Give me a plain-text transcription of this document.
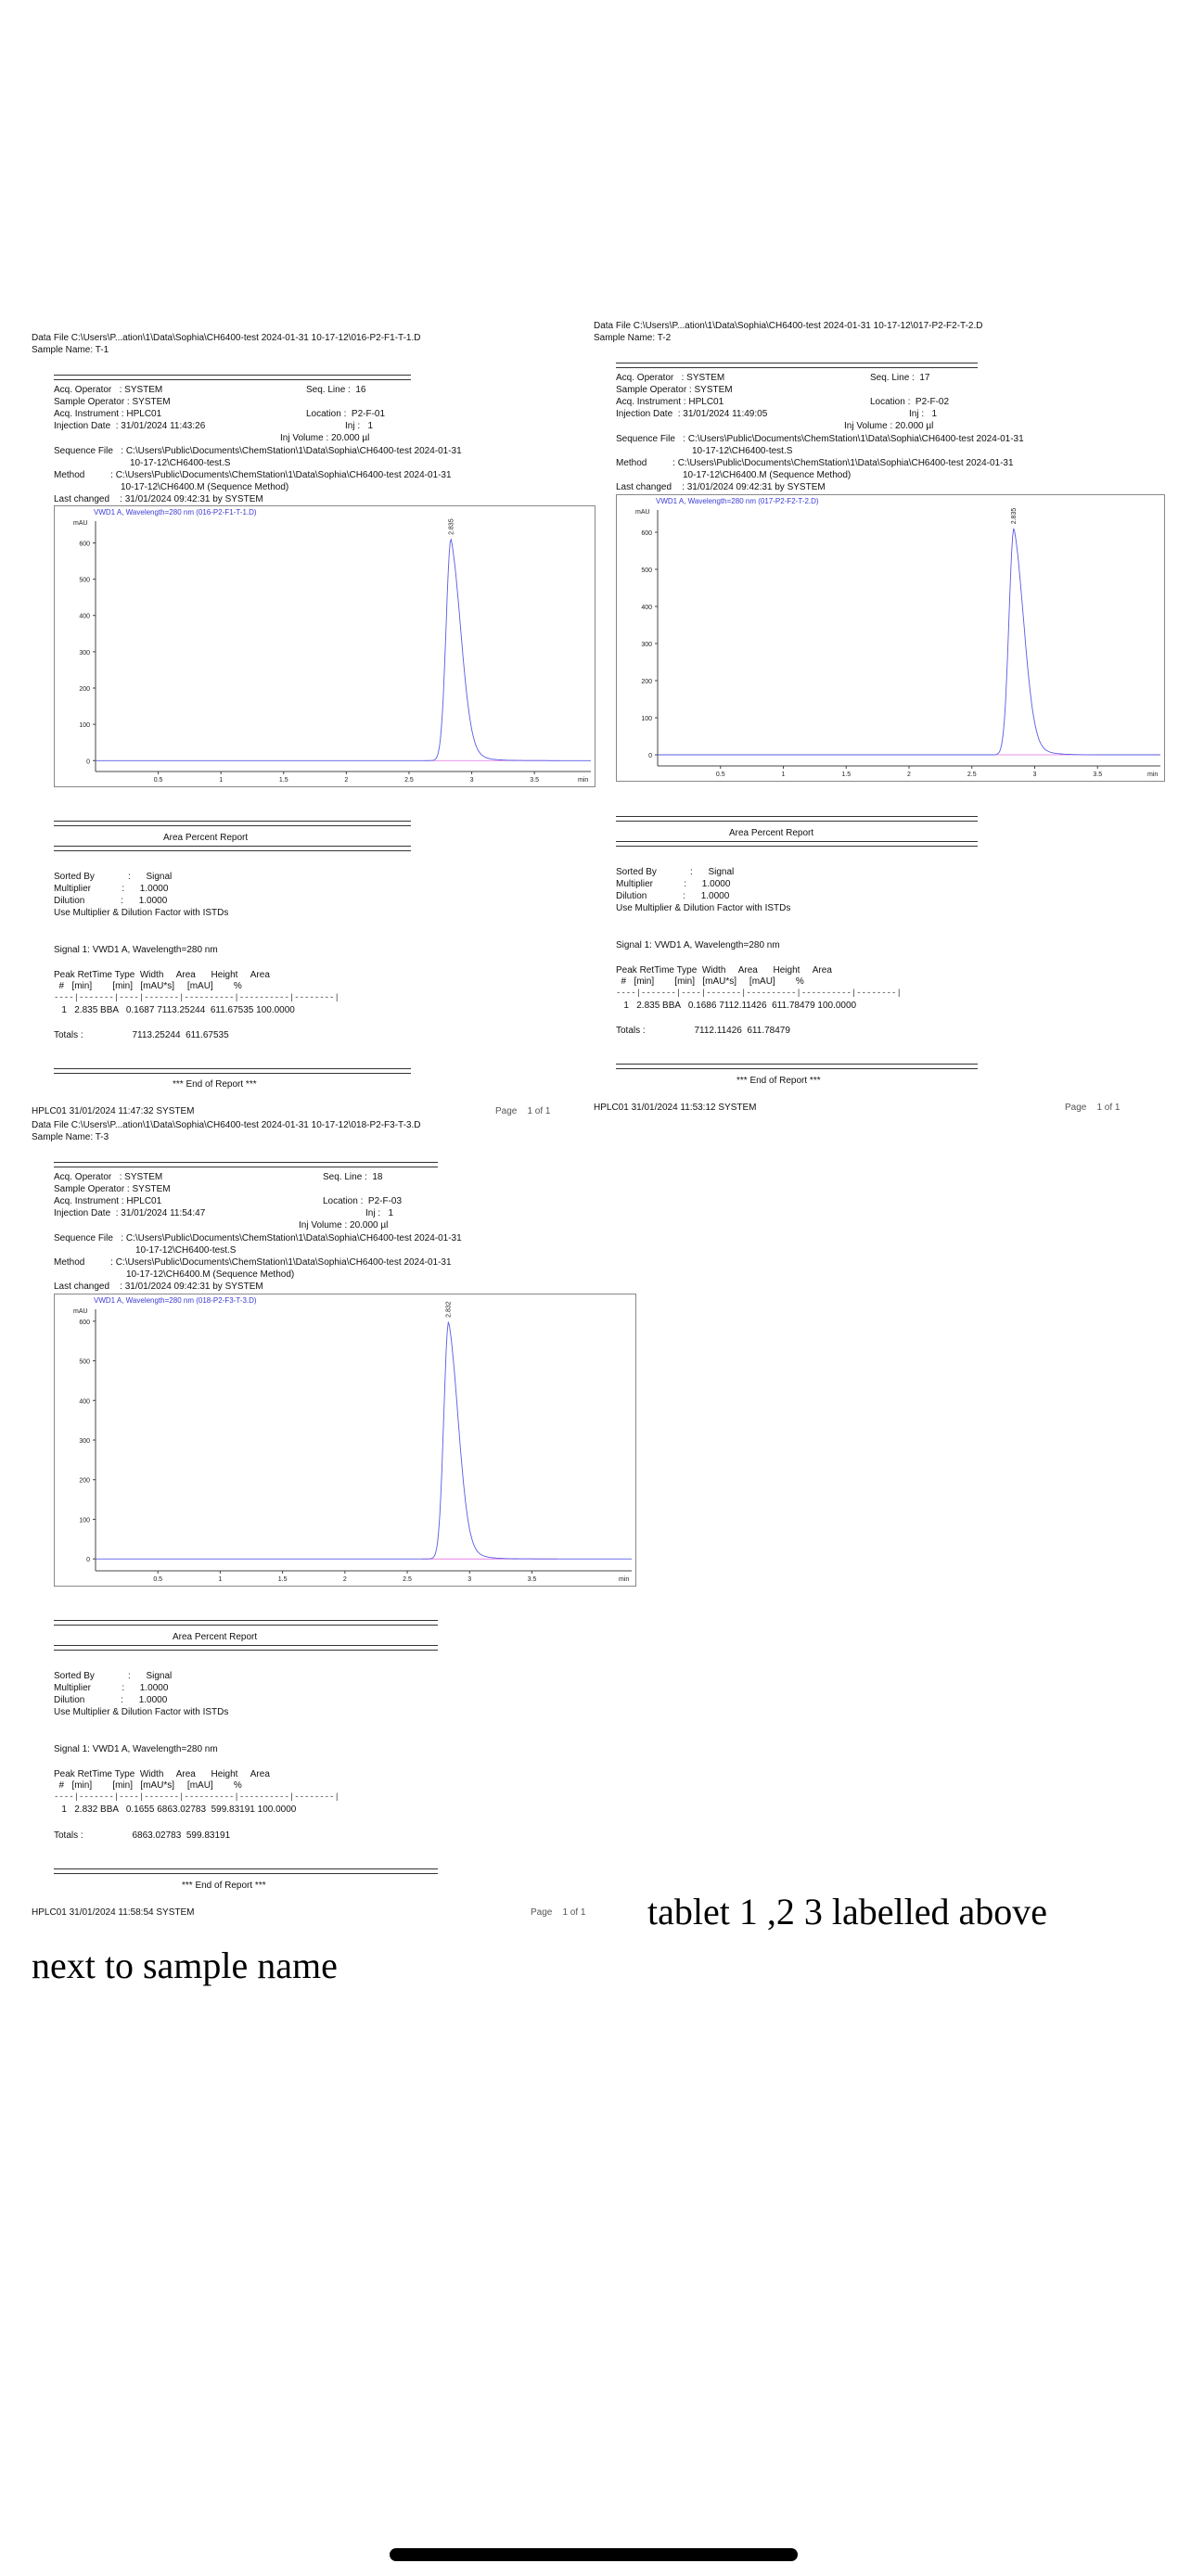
Data File C:\Users\P...ation\1\Data\Sophia\CH6400-test 2024-01-31 10-17-12\016-P2-F1-T-1.D
Sample Name: T-1
Acq. Operator   : SYSTEM	Seq. Line :  16
Sample Operator : SYSTEM
Acq. Instrument : HPLC01	Location :  P2-F-01
Injection Date  : 31/01/2024 11:43:26	Inj :   1
Inj Volume : 20.000 µl
Sequence File   : C:\Users\Public\Documents\ChemStation\1\Data\Sophia\CH6400-test 2024-01-31
10-17-12\CH6400-test.S
Method          : C:\Users\Public\Documents\ChemStation\1\Data\Sophia\CH6400-test 2024-01-31
10-17-12\CH6400.M (Sequence Method)
Last changed    : 31/01/2024 09:42:31 by SYSTEM
VWD1 A, Wavelength=280 nm (016-P2-F1-T-1.D)
mAU
min
0
100
200
300
400
500
600
0.5	1	1.5	2	2.5	3	3.5
2.835
Area Percent Report
Sorted By             :      Signal
Multiplier            :      1.0000
Dilution              :      1.0000
Use Multiplier & Dilution Factor with ISTDs
Signal 1: VWD1 A, Wavelength=280 nm
Peak RetTime Type  Width     Area      Height     Area
#   [min]        [min]   [mAU*s]     [mAU]        %
----|-------|----|-------|----------|----------|--------|
1   2.835 BBA   0.1687 7113.25244  611.67535 100.0000
Totals :                   7113.25244  611.67535
*** End of Report ***
HPLC01 31/01/2024 11:47:32 SYSTEM	Page    1 of 1
Data File C:\Users\P...ation\1\Data\Sophia\CH6400-test 2024-01-31 10-17-12\017-P2-F2-T-2.D
Sample Name: T-2
Acq. Operator   : SYSTEM	Seq. Line :  17
Sample Operator : SYSTEM
Acq. Instrument : HPLC01	Location :  P2-F-02
Injection Date  : 31/01/2024 11:49:05	Inj :   1
Inj Volume : 20.000 µl
Sequence File   : C:\Users\Public\Documents\ChemStation\1\Data\Sophia\CH6400-test 2024-01-31
10-17-12\CH6400-test.S
Method          : C:\Users\Public\Documents\ChemStation\1\Data\Sophia\CH6400-test 2024-01-31
10-17-12\CH6400.M (Sequence Method)
Last changed    : 31/01/2024 09:42:31 by SYSTEM
VWD1 A, Wavelength=280 nm (017-P2-F2-T-2.D)
mAU
min
0
100
200
300
400
500
600
0.5	1	1.5	2	2.5	3	3.5
2.835
Area Percent Report
Sorted By             :      Signal
Multiplier            :      1.0000
Dilution              :      1.0000
Use Multiplier & Dilution Factor with ISTDs
Signal 1: VWD1 A, Wavelength=280 nm
Peak RetTime Type  Width     Area      Height     Area
#   [min]        [min]   [mAU*s]     [mAU]        %
----|-------|----|-------|----------|----------|--------|
1   2.835 BBA   0.1686 7112.11426  611.78479 100.0000
Totals :                   7112.11426  611.78479
*** End of Report ***
HPLC01 31/01/2024 11:53:12 SYSTEM	Page    1 of 1
Data File C:\Users\P...ation\1\Data\Sophia\CH6400-test 2024-01-31 10-17-12\018-P2-F3-T-3.D
Sample Name: T-3
Acq. Operator   : SYSTEM	Seq. Line :  18
Sample Operator : SYSTEM
Acq. Instrument : HPLC01	Location :  P2-F-03
Injection Date  : 31/01/2024 11:54:47	Inj :   1
Inj Volume : 20.000 µl
Sequence File   : C:\Users\Public\Documents\ChemStation\1\Data\Sophia\CH6400-test 2024-01-31
10-17-12\CH6400-test.S
Method          : C:\Users\Public\Documents\ChemStation\1\Data\Sophia\CH6400-test 2024-01-31
10-17-12\CH6400.M (Sequence Method)
Last changed    : 31/01/2024 09:42:31 by SYSTEM
VWD1 A, Wavelength=280 nm (018-P2-F3-T-3.D)
mAU
min
0
100
200
300
400
500
600
0.5	1	1.5	2	2.5	3	3.5
2.832
Area Percent Report
Sorted By             :      Signal
Multiplier            :      1.0000
Dilution              :      1.0000
Use Multiplier & Dilution Factor with ISTDs
Signal 1: VWD1 A, Wavelength=280 nm
Peak RetTime Type  Width     Area      Height     Area
#   [min]        [min]   [mAU*s]     [mAU]        %
----|-------|----|-------|----------|----------|--------|
1   2.832 BBA   0.1655 6863.02783  599.83191 100.0000
Totals :                   6863.02783  599.83191
*** End of Report ***
HPLC01 31/01/2024 11:58:54 SYSTEM	Page    1 of 1 tablet 1 ,2 3 labelled above
next to sample name
